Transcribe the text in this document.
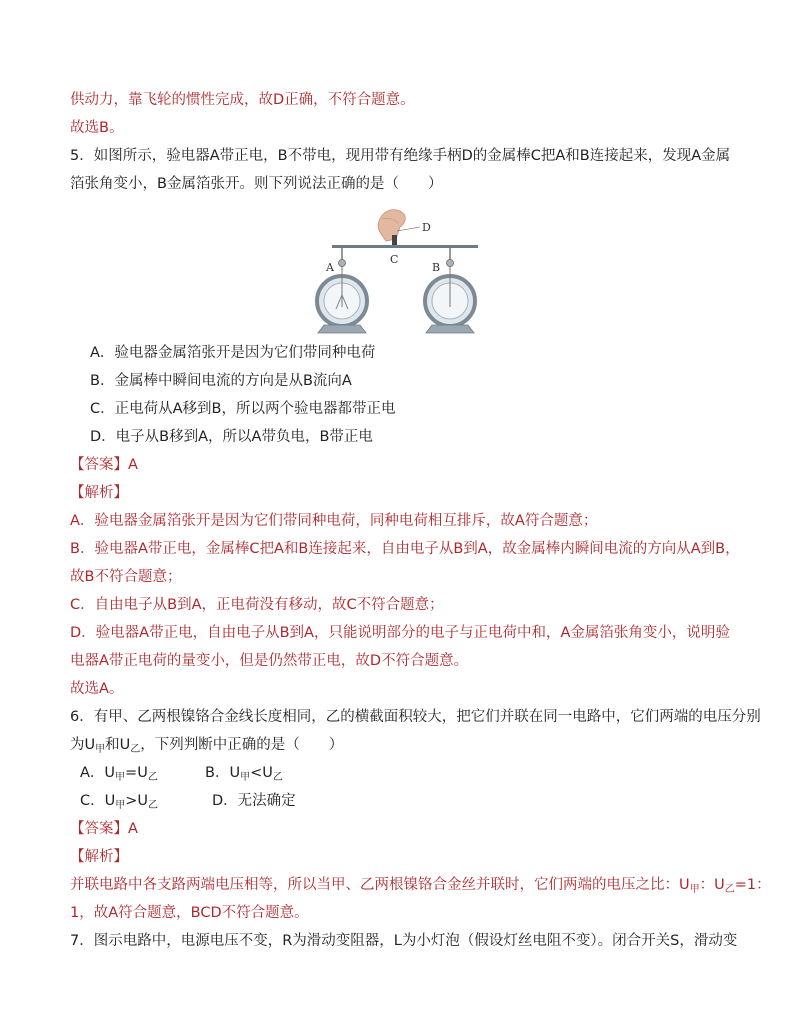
供动力，靠飞轮的惯性完成，故D正确，不符合题意。
故选B。
5．如图所示，验电器A带正电，B不带电，现用带有绝缘手柄D的金属棒C把A和B连接起来，发现A金属
箔张角变小，B金属箔张开。则下列说法正确的是（　　）
D
C
A	B
A．验电器金属箔张开是因为它们带同种电荷
B．金属棒中瞬间电流的方向是从B流向A
C．正电荷从A移到B，所以两个验电器都带正电
D．电子从B移到A，所以A带负电，B带正电
【答案】A
【解析】
A．验电器金属箔张开是因为它们带同种电荷，同种电荷相互排斥，故A符合题意；
B．验电器A带正电，金属棒C把A和B连接起来，自由电子从B到A，故金属棒内瞬间电流的方向从A到B，
故B不符合题意；
C．自由电子从B到A，正电荷没有移动，故C不符合题意；
D．验电器A带正电，自由电子从B到A，只能说明部分的电子与正电荷中和，A金属箔张角变小，说明验
电器A带正电荷的量变小，但是仍然带正电，故D不符合题意。
故选A。
6．有甲、乙两根镍铬合金线长度相同，乙的横截面积较大，把它们并联在同一电路中，它们两端的电压分别
为$U_甲$和$U_乙$，下列判断中正确的是（　　）
A．$U_甲=U_乙$	B．$U_甲<U_乙$
C．$U_甲>U_乙$	D．无法确定
【答案】A
【解析】
并联电路中各支路两端电压相等，所以当甲、乙两根镍铬合金丝并联时，它们两端的电压之比：$U_甲$：$U_乙=1$：
1，故A符合题意，BCD不符合题意。
7．图示电路中，电源电压不变，R为滑动变阻器，L为小灯泡（假设灯丝电阻不变）。闭合开关S，滑动变
